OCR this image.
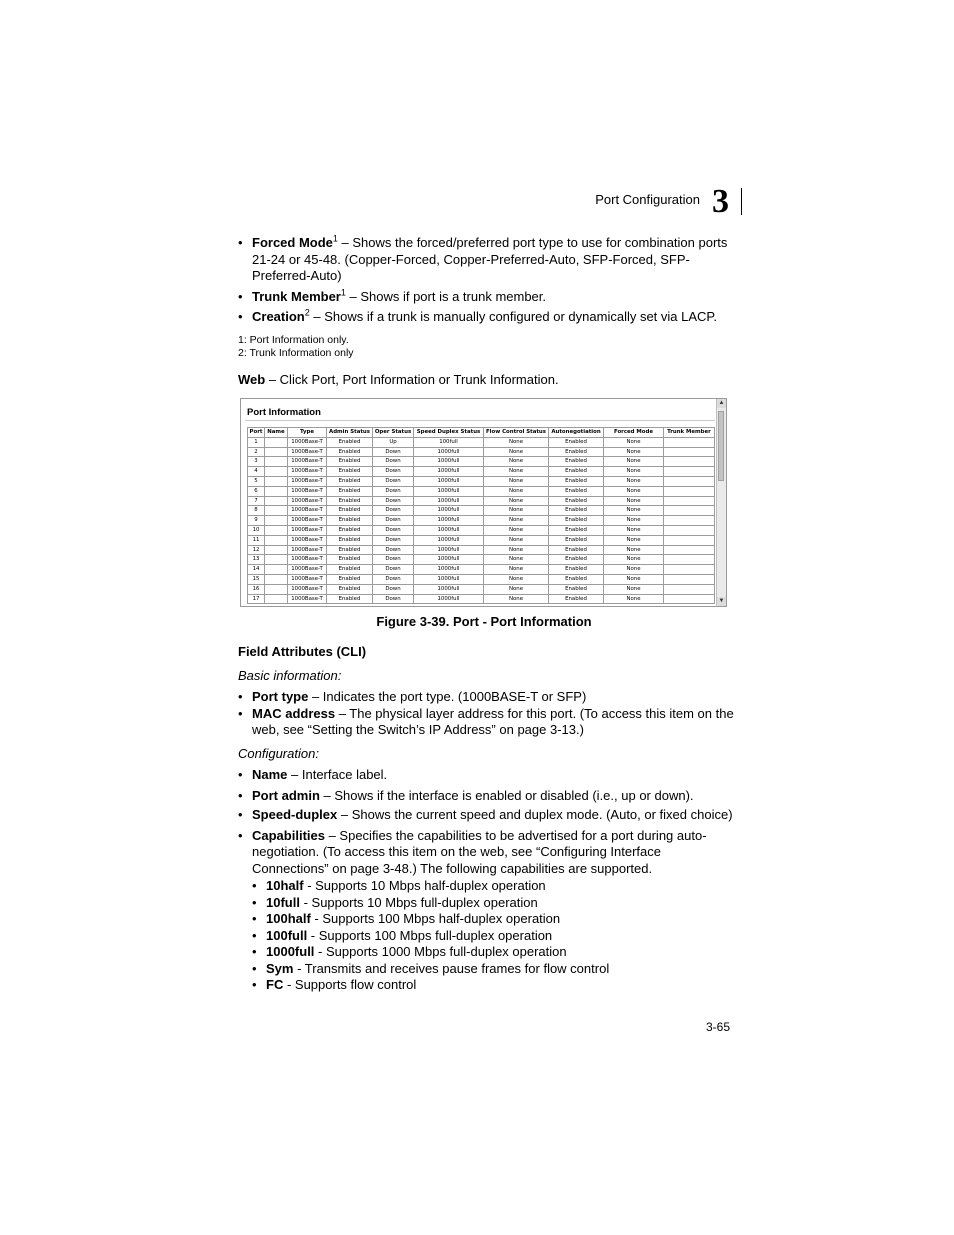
Port Configuration 3

• Forced Mode$^1$ – Shows the forced/preferred port type to use for combination ports 21-24 or 45-48. (Copper-Forced, Copper-Preferred-Auto, SFP-Forced, SFP-Preferred-Auto)

• Trunk Member$^1$ – Shows if port is a trunk member.

• Creation$^2$ – Shows if a trunk is manually configured or dynamically set via LACP.

1: Port Information only.
2: Trunk Information only
Web – Click Port, Port Information or Trunk Information.
Port Information
Port	Name	Type	Admin Status	Oper Status	Speed Duplex Status	Flow Control Status	Autonegotiation	Forced Mode	Trunk Member
1		1000Base-T	Enabled	Up	100full	None	Enabled	None	
2		1000Base-T	Enabled	Down	1000full	None	Enabled	None	
3		1000Base-T	Enabled	Down	1000full	None	Enabled	None	
4		1000Base-T	Enabled	Down	1000full	None	Enabled	None	
5		1000Base-T	Enabled	Down	1000full	None	Enabled	None	
6		1000Base-T	Enabled	Down	1000full	None	Enabled	None	
7		1000Base-T	Enabled	Down	1000full	None	Enabled	None	
8		1000Base-T	Enabled	Down	1000full	None	Enabled	None	
9		1000Base-T	Enabled	Down	1000full	None	Enabled	None	
10		1000Base-T	Enabled	Down	1000full	None	Enabled	None	
11		1000Base-T	Enabled	Down	1000full	None	Enabled	None	
12		1000Base-T	Enabled	Down	1000full	None	Enabled	None	
13		1000Base-T	Enabled	Down	1000full	None	Enabled	None	
14		1000Base-T	Enabled	Down	1000full	None	Enabled	None	
15		1000Base-T	Enabled	Down	1000full	None	Enabled	None	
16		1000Base-T	Enabled	Down	1000full	None	Enabled	None	
17		1000Base-T	Enabled	Down	1000full	None	Enabled	None	
▲
▼
Figure 3-39. Port - Port Information
Field Attributes (CLI)
Basic information:

• Port type – Indicates the port type. (1000BASE-T or SFP)

• MAC address – The physical layer address for this port. (To access this item on the web, see “Setting the Switch’s IP Address” on page 3-13.)

Configuration:

• Name – Interface label.

• Port admin – Shows if the interface is enabled or disabled (i.e., up or down).

• Speed-duplex – Shows the current speed and duplex mode. (Auto, or fixed choice)

• Capabilities – Specifies the capabilities to be advertised for a port during auto-negotiation. (To access this item on the web, see “Configuring Interface Connections” on page 3-48.) The following capabilities are supported.

• 10half - Supports 10 Mbps half-duplex operation

• 10full - Supports 10 Mbps full-duplex operation

• 100half - Supports 100 Mbps half-duplex operation

• 100full - Supports 100 Mbps full-duplex operation

• 1000full - Supports 1000 Mbps full-duplex operation

• Sym - Transmits and receives pause frames for flow control

• FC - Supports flow control

3-65
